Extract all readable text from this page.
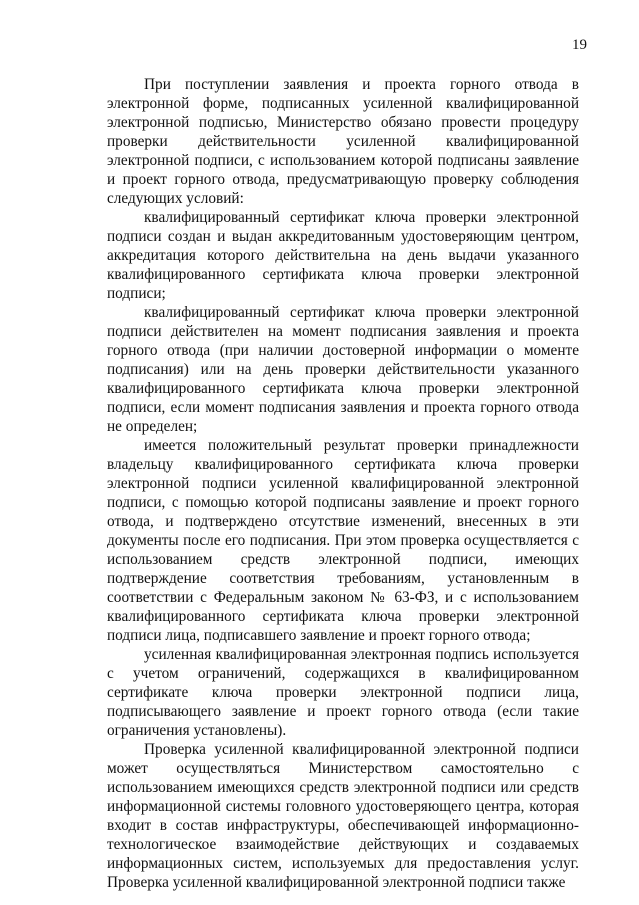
19

При поступлении заявления и проекта горного отвода в электронной форме, подписанных усиленной квалифицированной электронной подписью, Министерство обязано провести процедуру проверки действительности усиленной квалифицированной электронной подписи, с использованием которой подписаны заявление и проект горного отвода, предусматривающую проверку соблюдения следующих условий:

квалифицированный сертификат ключа проверки электронной подписи создан и выдан аккредитованным удостоверяющим центром, аккредитация которого действительна на день выдачи указанного квалифицированного сертификата ключа проверки электронной подписи;

квалифицированный сертификат ключа проверки электронной подписи действителен на момент подписания заявления и проекта горного отвода (при наличии достоверной информации о моменте подписания) или на день проверки действительности указанного квалифицированного сертификата ключа проверки электронной подписи, если момент подписания заявления и проекта горного отвода не определен;

имеется положительный результат проверки принадлежности владельцу квалифицированного сертификата ключа проверки электронной подписи усиленной квалифицированной электронной подписи, с помощью которой подписаны заявление и проект горного отвода, и подтверждено отсутствие изменений, внесенных в эти документы после его подписания. При этом проверка осуществляется с использованием средств электронной подписи, имеющих подтверждение соответствия требованиям, установленным в соответствии с Федеральным законом № 63-ФЗ, и с использованием квалифицированного сертификата ключа проверки электронной подписи лица, подписавшего заявление и проект горного отвода;

усиленная квалифицированная электронная подпись используется с учетом ограничений, содержащихся в квалифицированном сертификате ключа проверки электронной подписи лица, подписывающего заявление и проект горного отвода (если такие ограничения установлены).

Проверка усиленной квалифицированной электронной подписи может осуществляться Министерством самостоятельно с использованием имеющихся средств электронной подписи или средств информационной системы головного удостоверяющего центра, которая входит в состав инфраструктуры, обеспечивающей информационно-технологическое взаимодействие действующих и создаваемых информационных систем, используемых для предоставления услуг. Проверка усиленной квалифицированной электронной подписи также
